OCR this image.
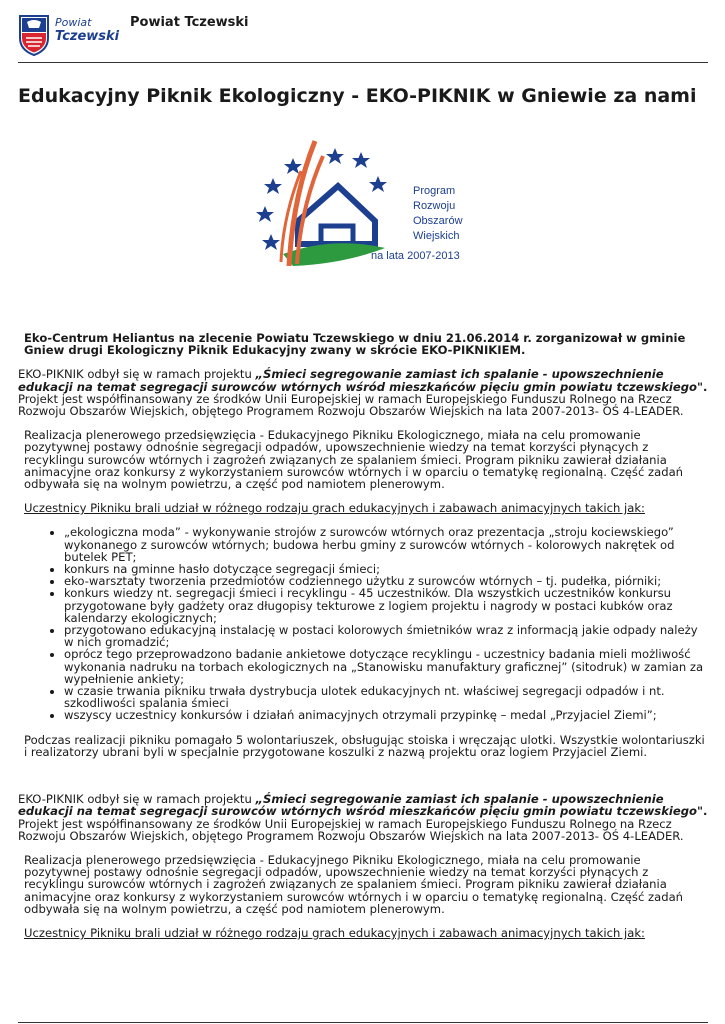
Powiat
Tczewski
Powiat Tczewski
Edukacyjny Piknik Ekologiczny - EKO-PIKNIK w Gniewie za nami
Program
Rozwoju
Obszarów
Wiejskich
na lata 2007-2013

Eko-Centrum Heliantus na zlecenie Powiatu Tczewskiego w dniu 21.06.2014 r. zorganizował w gminie Gniew drugi Ekologiczny Piknik Edukacyjny zwany w skrócie EKO-PIKNIKIEM.

EKO-PIKNIK odbył się w ramach projektu „Śmieci segregowanie zamiast ich spalanie - upowszechnienie edukacji na temat segregacji surowców wtórnych wśród mieszkańców pięciu gmin powiatu tczewskiego". Projekt jest współfinansowany ze środków Unii Europejskiej w ramach Europejskiego Funduszu Rolnego na Rzecz Rozwoju Obszarów Wiejskich, objętego Programem Rozwoju Obszarów Wiejskich na lata 2007-2013- OŚ 4-LEADER.

Realizacja plenerowego przedsięwzięcia - Edukacyjnego Pikniku Ekologicznego, miała na celu promowanie pozytywnej postawy odnośnie segregacji odpadów, upowszechnienie wiedzy na temat korzyści płynących z recyklingu surowców wtórnych i zagrożeń związanych ze spalaniem śmieci. Program pikniku zawierał działania animacyjne oraz konkursy z wykorzystaniem surowców wtórnych i w oparciu o tematykę regionalną. Część zadań odbywała się na wolnym powietrzu, a część pod namiotem plenerowym.

Uczestnicy Pikniku brali udział w różnego rodzaju grach edukacyjnych i zabawach animacyjnych takich jak:

• „ekologiczna moda” - wykonywanie strojów z surowców wtórnych oraz prezentacja „stroju kociewskiego” wykonanego z surowców wtórnych; budowa herbu gminy z surowców wtórnych - kolorowych nakrętek od butelek PET;
• konkurs na gminne hasło dotyczące segregacji śmieci;
• eko-warsztaty tworzenia przedmiotów codziennego użytku z surowców wtórnych – tj. pudełka, piórniki;
• konkurs wiedzy nt. segregacji śmieci i recyklingu - 45 uczestników. Dla wszystkich uczestników konkursu przygotowane były gadżety oraz długopisy tekturowe z logiem projektu i nagrody w postaci kubków oraz kalendarzy ekologicznych;
• przygotowano edukacyjną instalację w postaci kolorowych śmietników wraz z informacją jakie odpady należy w nich gromadzić;
• oprócz tego przeprowadzono badanie ankietowe dotyczące recyklingu - uczestnicy badania mieli możliwość wykonania nadruku na torbach ekologicznych na „Stanowisku manufaktury graficznej” (sitodruk) w zamian za wypełnienie ankiety;
• w czasie trwania pikniku trwała dystrybucja ulotek edukacyjnych nt. właściwej segregacji odpadów i nt. szkodliwości spalania śmieci
• wszyscy uczestnicy konkursów i działań animacyjnych otrzymali przypinkę – medal „Przyjaciel Ziemi”;

Podczas realizacji pikniku pomagało 5 wolontariuszek, obsługując stoiska i wręczając ulotki. Wszystkie wolontariuszki i realizatorzy ubrani byli w specjalnie przygotowane koszulki z nazwą projektu oraz logiem Przyjaciel Ziemi.

EKO-PIKNIK odbył się w ramach projektu „Śmieci segregowanie zamiast ich spalanie - upowszechnienie edukacji na temat segregacji surowców wtórnych wśród mieszkańców pięciu gmin powiatu tczewskiego". Projekt jest współfinansowany ze środków Unii Europejskiej w ramach Europejskiego Funduszu Rolnego na Rzecz Rozwoju Obszarów Wiejskich, objętego Programem Rozwoju Obszarów Wiejskich na lata 2007-2013- OŚ 4-LEADER.

Realizacja plenerowego przedsięwzięcia - Edukacyjnego Pikniku Ekologicznego, miała na celu promowanie pozytywnej postawy odnośnie segregacji odpadów, upowszechnienie wiedzy na temat korzyści płynących z recyklingu surowców wtórnych i zagrożeń związanych ze spalaniem śmieci. Program pikniku zawierał działania animacyjne oraz konkursy z wykorzystaniem surowców wtórnych i w oparciu o tematykę regionalną. Część zadań odbywała się na wolnym powietrzu, a część pod namiotem plenerowym.

Uczestnicy Pikniku brali udział w różnego rodzaju grach edukacyjnych i zabawach animacyjnych takich jak:
